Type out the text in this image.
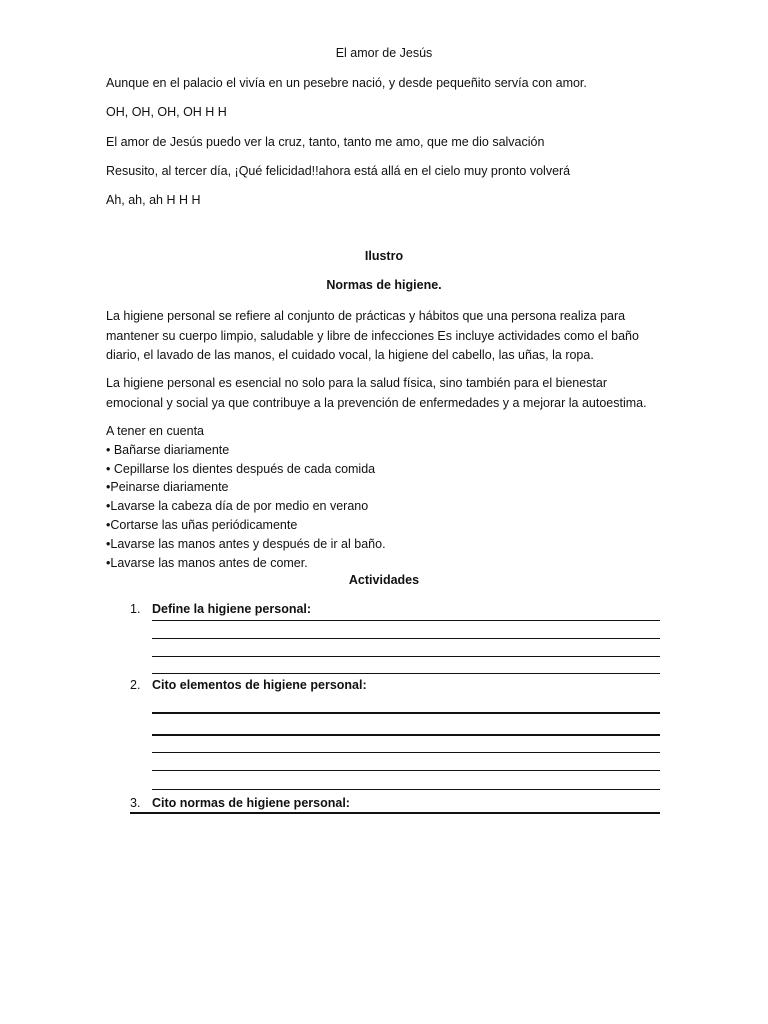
El amor de Jesús
Aunque en el palacio el vivía en un pesebre nació, y desde pequeñito servía con amor.
OH, OH, OH, OH H H
El amor de Jesús puedo ver la cruz, tanto, tanto me amo, que me dio salvación
Resusito, al tercer día, ¡Qué felicidad!!ahora está allá en el cielo muy pronto volverá
Ah, ah, ah H H H
Ilustro
Normas de higiene.
La higiene personal se refiere al conjunto de prácticas y hábitos que una persona realiza para mantener su cuerpo limpio, saludable y libre de infecciones Es incluye actividades como el baño diario, el lavado de las manos, el cuidado vocal, la higiene del cabello, las uñas, la ropa.
La higiene personal es esencial no solo para la salud física, sino también para el bienestar emocional y social ya que contribuye a la prevención de enfermedades y a mejorar la autoestima.
A tener en cuenta
• Bañarse diariamente
• Cepillarse los dientes después de cada comida
•Peinarse diariamente
•Lavarse la cabeza día de por medio en verano
•Cortarse las uñas periódicamente
•Lavarse las manos antes y después de ir al baño.
•Lavarse las manos antes de comer.
Actividades
1. Define la higiene personal:
2. Cito elementos de higiene personal:
3. Cito normas de higiene personal:
